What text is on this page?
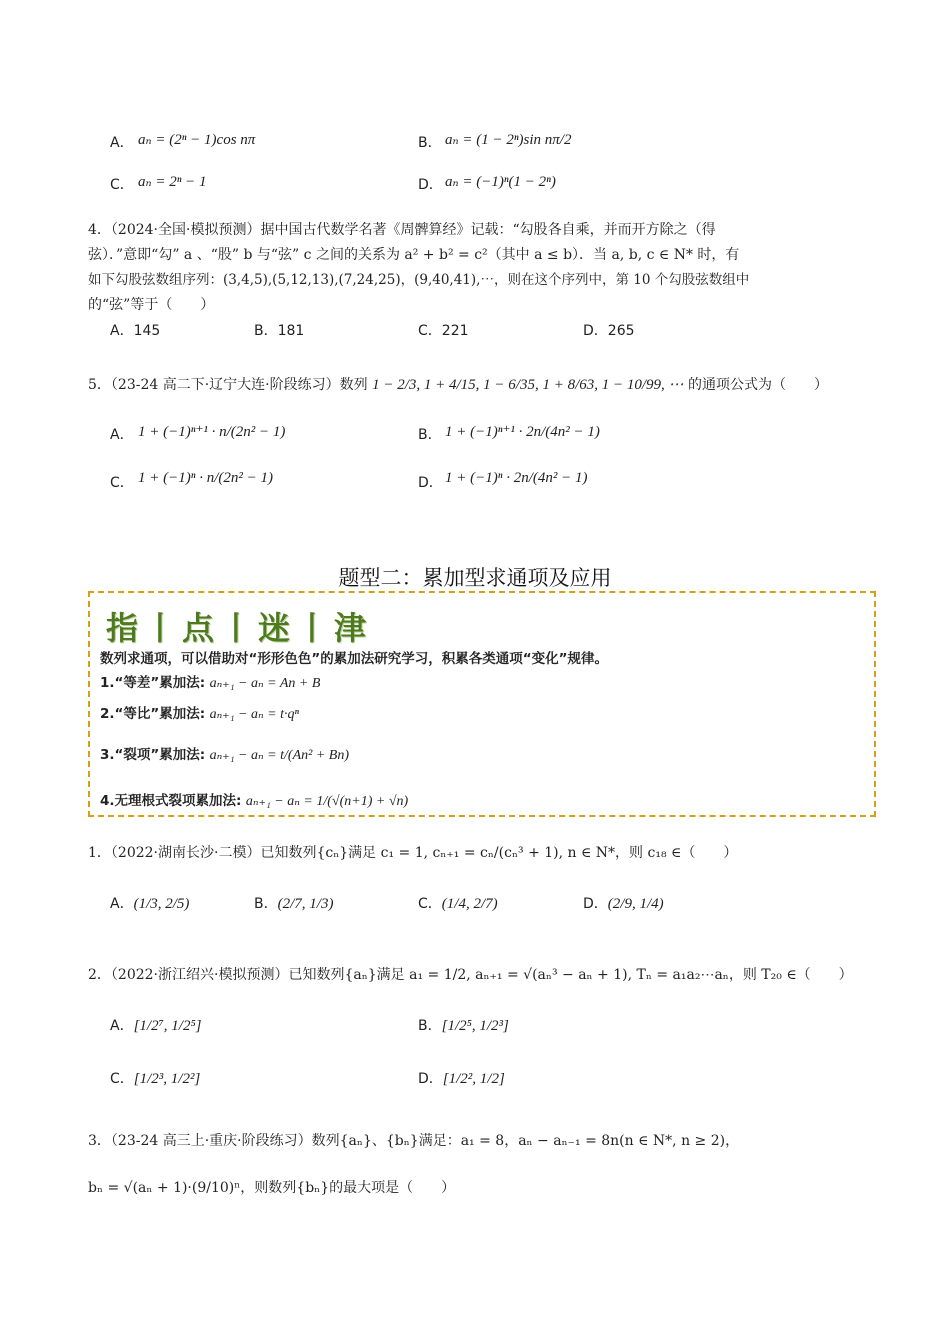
A． aₙ = (2ⁿ − 1)cos nπ	B． aₙ = (1 − 2ⁿ)sin nπ/2
C． aₙ = 2ⁿ − 1	D． aₙ = (−1)ⁿ(1 − 2ⁿ)
4．（2024·全国·模拟预测）据中国古代数学名著《周髀算经》记载：“勾股各自乘，并而开方除之（得
弦）．”意即“勾” a 、“股” b 与“弦” c 之间的关系为 a² + b² = c²（其中 a ≤ b）．当 a, b, c ∈ N* 时，有
如下勾股弦数组序列：(3,4,5),(5,12,13),(7,24,25)，(9,40,41),⋯，则在这个序列中，第 10 个勾股弦数组中
的“弦”等于（　　）
A．145	B．181	C．221	D．265
5．（23-24 高二下·辽宁大连·阶段练习）数列 1 − 2/3, 1 + 4/15, 1 − 6/35, 1 + 8/63, 1 − 10/99, ⋯ 的通项公式为（　　）
A． 1 + (−1)ⁿ⁺¹ · n/(2n² − 1)	B． 1 + (−1)ⁿ⁺¹ · 2n/(4n² − 1)
C． 1 + (−1)ⁿ · n/(2n² − 1)	D． 1 + (−1)ⁿ · 2n/(4n² − 1)
题型二：累加型求通项及应用
指丨点丨迷丨津
数列求通项，可以借助对“形形色色”的累加法研究学习，积累各类通项“变化”规律。
1.“等差”累加法: aₙ₊₁ − aₙ = An + B
2.“等比”累加法: aₙ₊₁ − aₙ = t·qⁿ
3.“裂项”累加法: aₙ₊₁ − aₙ = t/(An² + Bn)
4.无理根式裂项累加法: aₙ₊₁ − aₙ = 1/(√(n+1) + √n)
1．（2022·湖南长沙·二模）已知数列{cₙ}满足 c₁ = 1, cₙ₊₁ = cₙ/(cₙ³ + 1), n ∈ N*，则 c₁₈ ∈（　　）
A．(1/3, 2/5)	B．(2/7, 1/3)	C．(1/4, 2/7)	D．(2/9, 1/4)
2．（2022·浙江绍兴·模拟预测）已知数列{aₙ}满足 a₁ = 1/2, aₙ₊₁ = √(aₙ³ − aₙ + 1), Tₙ = a₁a₂⋯aₙ，则 T₂₀ ∈（　　）
A．[1/2⁷, 1/2⁵]	B．[1/2⁵, 1/2³]
C．[1/2³, 1/2²]	D．[1/2², 1/2]
3．（23-24 高三上·重庆·阶段练习）数列{aₙ}、{bₙ}满足：a₁ = 8，aₙ − aₙ₋₁ = 8n(n ∈ N*, n ≥ 2)，
bₙ = √(aₙ + 1)·(9/10)ⁿ，则数列{bₙ}的最大项是（　　）
